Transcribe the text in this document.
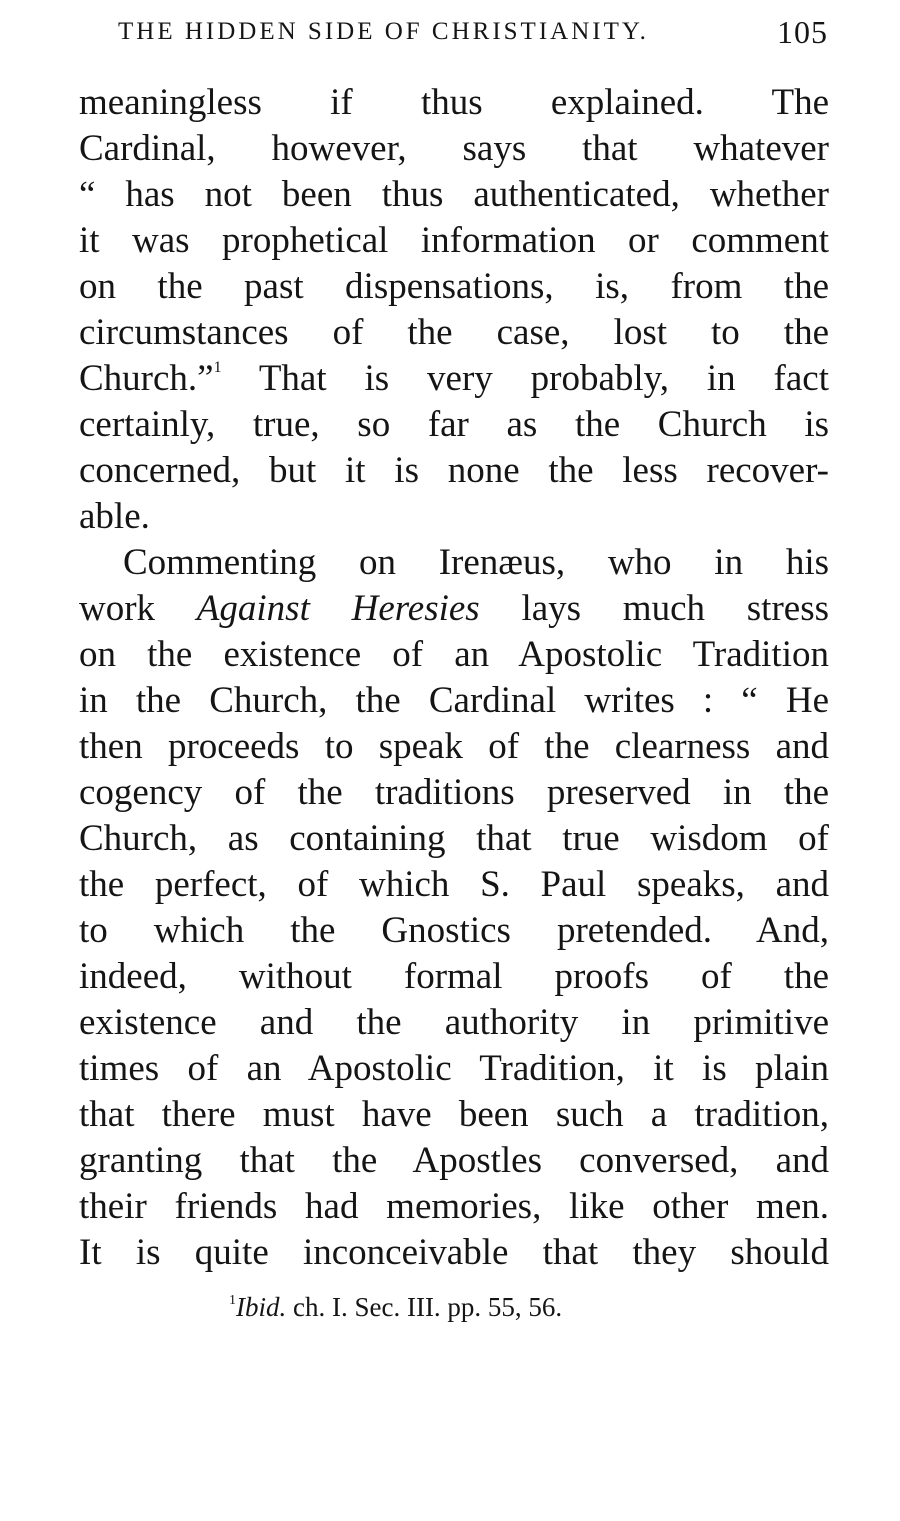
THE HIDDEN SIDE OF CHRISTIANITY.	105
meaningless if thus explained. The
Cardinal, however, says that whatever
“ has not been thus authenticated, whether
it was prophetical information or comment
on the past dispensations, is, from the
circumstances of the case, lost to the
Church.”$^1$ That is very probably, in fact
certainly, true, so far as the Church is
concerned, but it is none the less recover-
able.
Commenting on Irenæus, who in his
work Against Heresies lays much stress
on the existence of an Apostolic Tradition
in the Church, the Cardinal writes : “ He
then proceeds to speak of the clearness and
cogency of the traditions preserved in the
Church, as containing that true wisdom of
the perfect, of which S. Paul speaks, and
to which the Gnostics pretended. And,
indeed, without formal proofs of the
existence and the authority in primitive
times of an Apostolic Tradition, it is plain
that there must have been such a tradition,
granting that the Apostles conversed, and
their friends had memories, like other men.
It is quite inconceivable that they should
$^1$Ibid. ch. I. Sec. III. pp. 55, 56.
